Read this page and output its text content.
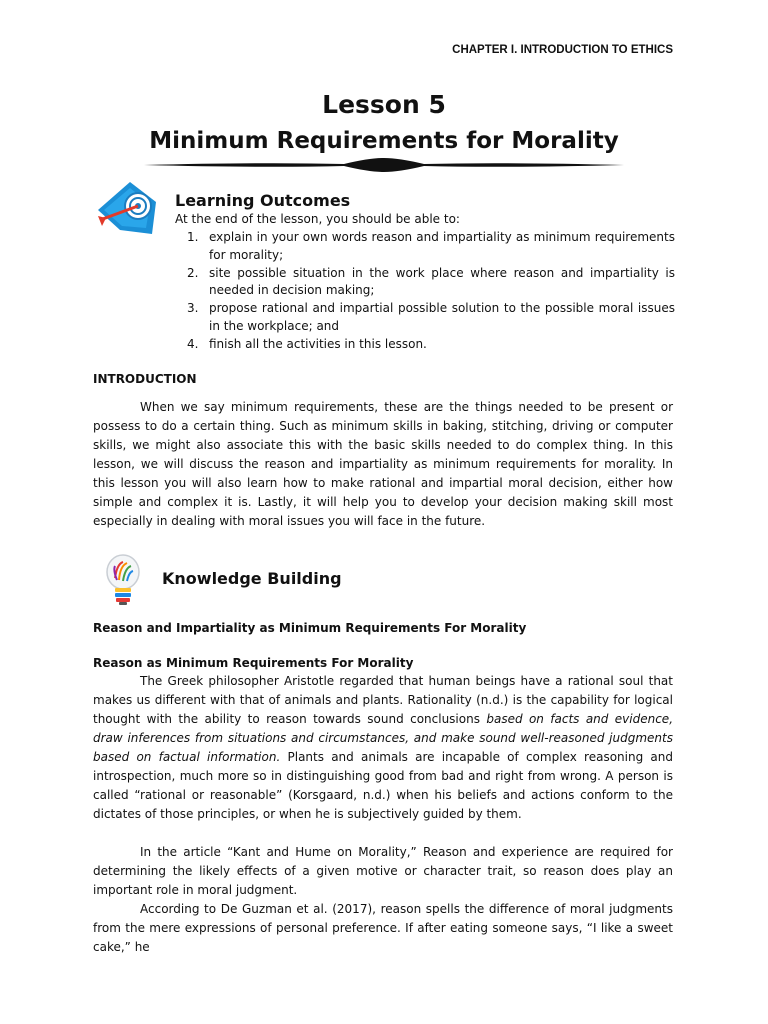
CHAPTER I. INTRODUCTION TO ETHICS
Lesson 5
Minimum Requirements for Morality
Learning Outcomes
At the end of the lesson, you should be able to:
1. explain in your own words reason and impartiality as minimum requirements for morality;
2. site possible situation in the work place where reason and impartiality is needed in decision making;
3. propose rational and impartial possible solution to the possible moral issues in the workplace; and
4. finish all the activities in this lesson.
INTRODUCTION
When we say minimum requirements, these are the things needed to be present or possess to do a certain thing. Such as minimum skills in baking, stitching, driving or computer skills, we might also associate this with the basic skills needed to do complex thing. In this lesson, we will discuss the reason and impartiality as minimum requirements for morality. In this lesson you will also learn how to make rational and impartial moral decision, either how simple and complex it is. Lastly, it will help you to develop your decision making skill most especially in dealing with moral issues you will face in the future.
Knowledge Building
Reason and Impartiality as Minimum Requirements For Morality
Reason as Minimum Requirements For Morality
The Greek philosopher Aristotle regarded that human beings have a rational soul that makes us different with that of animals and plants. Rationality (n.d.) is the capability for logical thought with the ability to reason towards sound conclusions based on facts and evidence, draw inferences from situations and circumstances, and make sound well-reasoned judgments based on factual information. Plants and animals are incapable of complex reasoning and introspection, much more so in distinguishing good from bad and right from wrong. A person is called “rational or reasonable” (Korsgaard, n.d.) when his beliefs and actions conform to the dictates of those principles, or when he is subjectively guided by them.
In the article “Kant and Hume on Morality,” Reason and experience are required for determining the likely effects of a given motive or character trait, so reason does play an important role in moral judgment.
According to De Guzman et al. (2017), reason spells the difference of moral judgments from the mere expressions of personal preference. If after eating someone says, “I like a sweet cake,” he
